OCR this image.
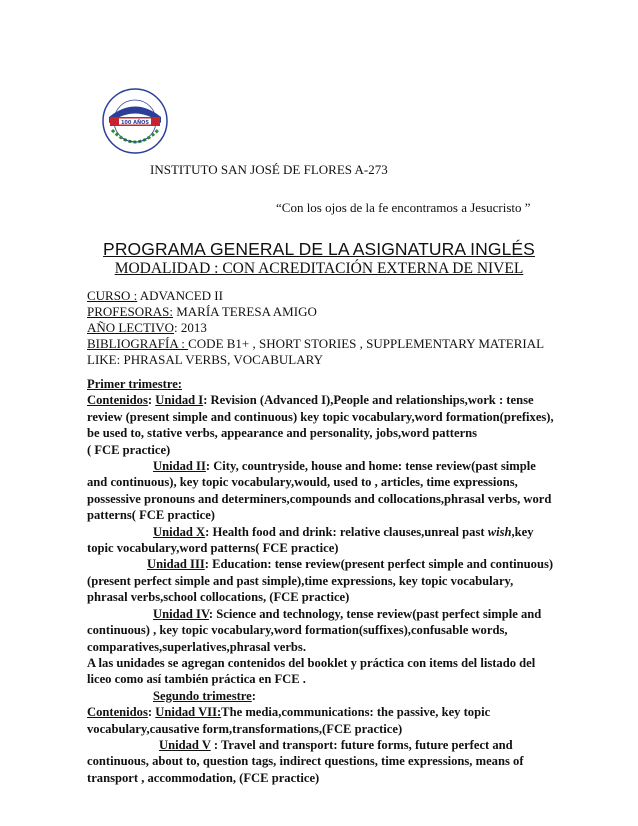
100 AÑOS
INSTITUTO SAN JOSÉ DE FLORES A-273
“Con los ojos de la fe encontramos a Jesucristo ”
PROGRAMA GENERAL DE LA ASIGNATURA INGLÉS
MODALIDAD : CON ACREDITACIÓN EXTERNA DE NIVEL
CURSO : ADVANCED II
PROFESORAS: MARÍA TERESA AMIGO
AÑO LECTIVO: 2013
BIBLIOGRAFÍA : CODE B1+ , SHORT STORIES , SUPPLEMENTARY MATERIAL
LIKE: PHRASAL VERBS, VOCABULARY

Primer trimestre:

Contenidos: Unidad I: Revision (Advanced I),People and relationships,work : tense review (present simple and continuous) key topic vocabulary,word formation(prefixes), be used to, stative verbs, appearance and personality, jobs,word patterns

( FCE practice)

Unidad II: City, countryside, house and home: tense review(past simple and continuous), key topic vocabulary,would, used to , articles, time expressions, possessive pronouns and determiners,compounds and collocations,phrasal verbs, word patterns( FCE practice)

Unidad X: Health food and drink: relative clauses,unreal past wish,key topic vocabulary,word patterns( FCE practice)

Unidad III: Education: tense review(present perfect simple and continuous)(present perfect simple and past simple),time expressions, key topic vocabulary, phrasal verbs,school collocations, (FCE practice)

Unidad IV: Science and technology, tense review(past perfect simple and continuous) , key topic vocabulary,word formation(suffixes),confusable words, comparatives,superlatives,phrasal verbs.

A las unidades se agregan contenidos del booklet y práctica con items del listado del liceo como así también práctica en FCE .

Segundo trimestre:

Contenidos: Unidad VII:The media,communications: the passive, key topic vocabulary,causative form,transformations,(FCE practice)

Unidad V : Travel and transport: future forms, future perfect and continuous, about to, question tags, indirect questions, time expressions, means of transport , accommodation, (FCE practice)
